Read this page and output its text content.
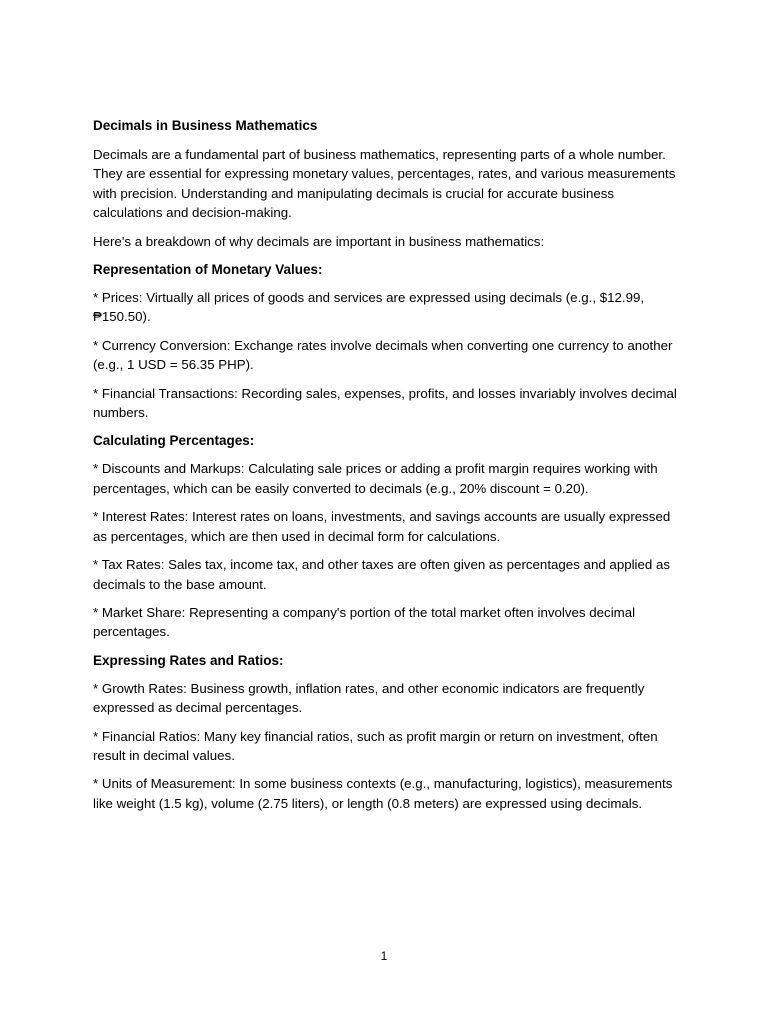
Decimals in Business Mathematics

Decimals are a fundamental part of business mathematics, representing parts of a whole number. They are essential for expressing monetary values, percentages, rates, and various measurements with precision. Understanding and manipulating decimals is crucial for accurate business calculations and decision-making.

Here's a breakdown of why decimals are important in business mathematics:

Representation of Monetary Values:

* Prices: Virtually all prices of goods and services are expressed using decimals (e.g., $12.99, ₱150.50).

* Currency Conversion: Exchange rates involve decimals when converting one currency to another (e.g., 1 USD = 56.35 PHP).

* Financial Transactions: Recording sales, expenses, profits, and losses invariably involves decimal numbers.

Calculating Percentages:

* Discounts and Markups: Calculating sale prices or adding a profit margin requires working with percentages, which can be easily converted to decimals (e.g., 20% discount = 0.20).

* Interest Rates: Interest rates on loans, investments, and savings accounts are usually expressed as percentages, which are then used in decimal form for calculations.

* Tax Rates: Sales tax, income tax, and other taxes are often given as percentages and applied as decimals to the base amount.

* Market Share: Representing a company's portion of the total market often involves decimal percentages.

Expressing Rates and Ratios:

* Growth Rates: Business growth, inflation rates, and other economic indicators are frequently expressed as decimal percentages.

* Financial Ratios: Many key financial ratios, such as profit margin or return on investment, often result in decimal values.

* Units of Measurement: In some business contexts (e.g., manufacturing, logistics), measurements like weight (1.5 kg), volume (2.75 liters), or length (0.8 meters) are expressed using decimals.

1
